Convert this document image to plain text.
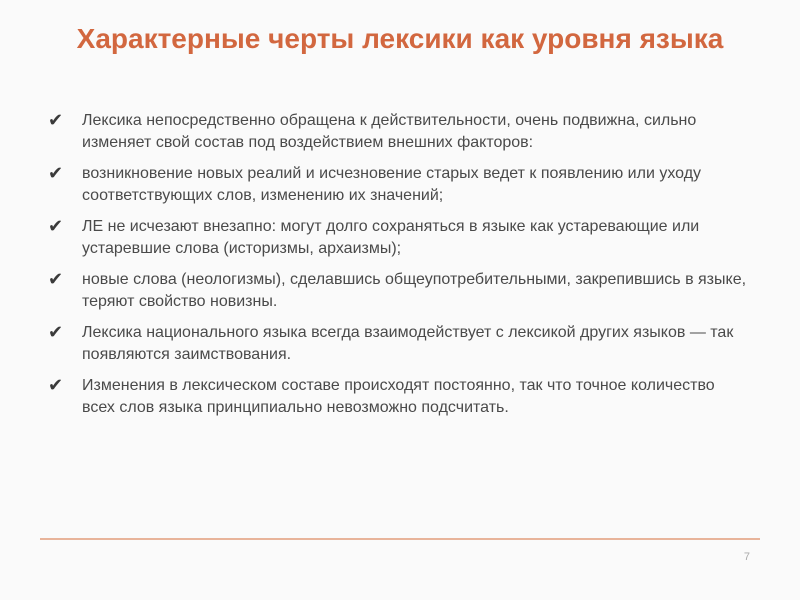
Характерные черты лексики как уровня языка
✔	Лексика непосредственно обращена к действительности, очень подвижна, сильно изменяет свой состав под воздействием внешних факторов:
✔	возникновение новых реалий и исчезновение старых ведет к появлению или уходу соответствующих слов, изменению их значений;
✔	ЛЕ не исчезают внезапно: могут долго сохраняться в языке как устаревающие или устаревшие слова (историзмы, архаизмы);
✔	новые слова (неологизмы), сделавшись общеупотребительными, закрепившись в языке, теряют свойство новизны.
✔	Лексика национального языка всегда взаимодействует с лексикой других языков — так появляются заимствования.
✔	Изменения в лексическом составе происходят постоянно, так что точное количество всех слов языка принципиально невозможно подсчитать.
7
